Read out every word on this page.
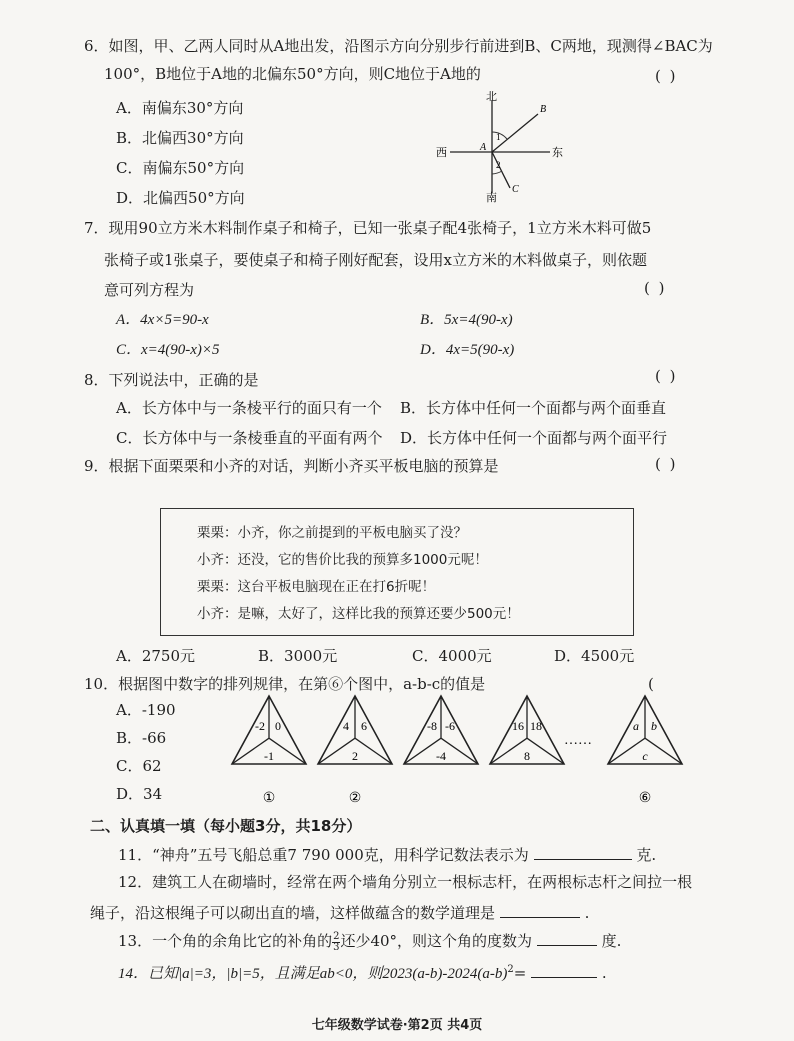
6．如图，甲、乙两人同时从A地出发，沿图示方向分别步行前进到B、C两地，现测得∠BAC为
100°，B地位于A地的北偏东50°方向，则C地位于A地的	( )
A．南偏东30°方向
B．北偏西30°方向
C．南偏东50°方向
D．北偏西50°方向
北
西	东
南
A
B
C
1
2
7．现用90立方米木料制作桌子和椅子，已知一张桌子配4张椅子，1立方米木料可做5
张椅子或1张桌子，要使桌子和椅子刚好配套，设用x立方米的木料做桌子，则依题
意可列方程为	( )
A．4x×5=90-x	B．5x=4(90-x)
C．x=4(90-x)×5	D．4x=5(90-x)
8．下列说法中，正确的是	( )
A．长方体中与一条棱平行的面只有一个 B．长方体中任何一个面都与两个面垂直
C．长方体中与一条棱垂直的平面有两个 D．长方体中任何一个面都与两个面平行
9．根据下面栗栗和小齐的对话，判断小齐买平板电脑的预算是	( )
栗栗：小齐，你之前提到的平板电脑买了没？
小齐：还没，它的售价比我的预算多1000元呢！
栗栗：这台平板电脑现在正在打6折呢！
小齐：是嘛，太好了，这样比我的预算还要少500元！
A．2750元	B．3000元	C．4000元	D．4500元
10．根据图中数字的排列规律，在第⑥个图中，a-b-c的值是	(
A．-190
B．-66
C．62
D．34
-2 0
-1
①
4 6
2
②
-8 -6
-4
16 18
8
a b
c
⑥
……
二、认真填一填（每小题3分，共18分）
11．“神舟”五号飞船总重7 790 000克，用科学记数法表示为	克.
12．建筑工人在砌墙时，经常在两个墙角分别立一根标志杆，在两根标志杆之间拉一根
绳子，沿这根绳子可以砌出直的墙，这样做蕴含的数学道理是	.
13．一个角的余角比它的补角的 $\frac{2}{3}$ 还少40°，则这个角的度数为	度.
14．已知|a|=3，|b|=5，且满足ab<0，则$2023(a-b)-2024(a-b)^2=$	.
七年级数学试卷·第2页 共4页
